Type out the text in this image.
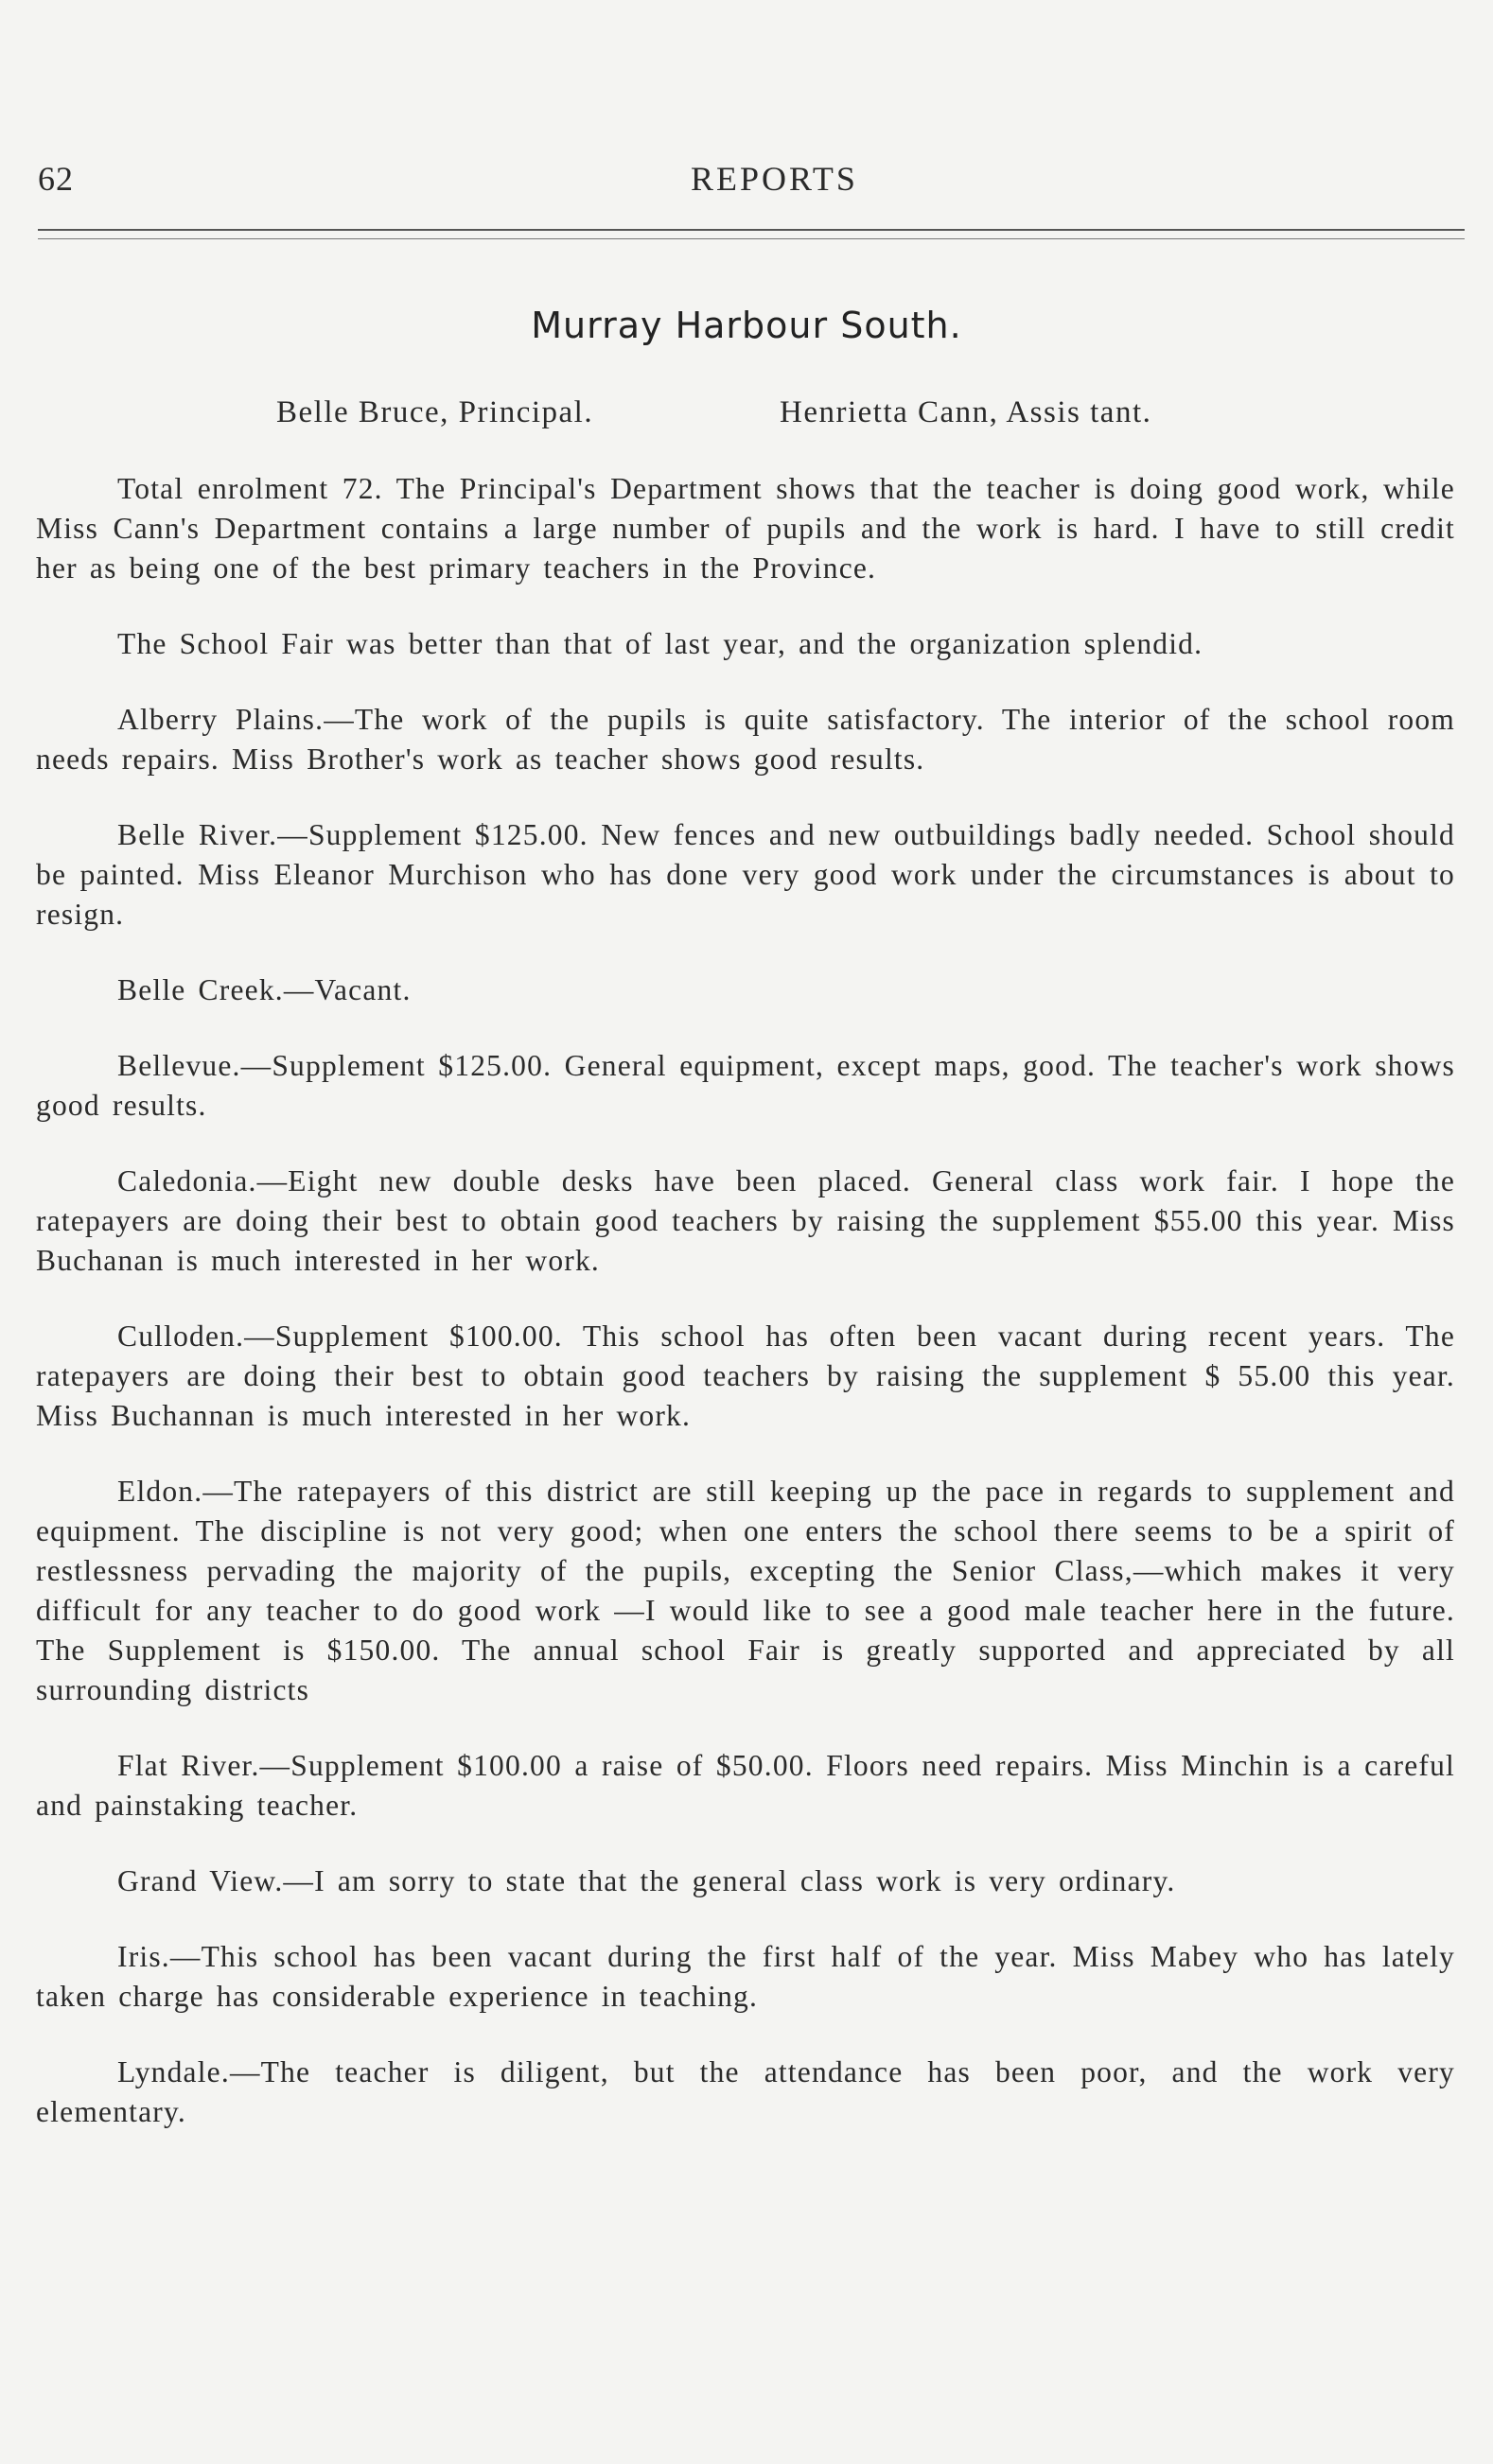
62	REPORTS
Murray Harbour South.
Belle Bruce, Principal.	Henrietta Cann, Assis tant.

Total enrolment 72. The Principal's Department shows that the teacher is doing good work, while Miss Cann's Department contains a large number of pupils and the work is hard. I have to still credit her as being one of the best primary teachers in the Province.

The School Fair was better than that of last year, and the organization splendid.

Alberry Plains.—The work of the pupils is quite satisfactory. The interior of the school room needs repairs. Miss Brother's work as teacher shows good results.

Belle River.—Supplement $125.00. New fences and new outbuildings badly needed. School should be painted. Miss Eleanor Murchison who has done very good work under the circumstances is about to resign.

Belle Creek.—Vacant.

Bellevue.—Supplement $125.00. General equipment, except maps, good. The teacher's work shows good results.

Caledonia.—Eight new double desks have been placed. General class work fair. I hope the ratepayers are doing their best to obtain good teachers by raising the supplement $55.00 this year. Miss Buchanan is much interested in her work.

Culloden.—Supplement $100.00. This school has often been vacant during recent years. The ratepayers are doing their best to obtain good teachers by raising the supplement $ 55.00 this year. Miss Buchannan is much interested in her work.

Eldon.—The ratepayers of this district are still keeping up the pace in regards to supplement and equipment. The discipline is not very good; when one enters the school there seems to be a spirit of restlessness pervading the majority of the pupils, excepting the Senior Class,—which makes it very difficult for any teacher to do good work —I would like to see a good male teacher here in the future. The Supplement is $150.00. The annual school Fair is greatly supported and appreciated by all surrounding districts

Flat River.—Supplement $100.00 a raise of $50.00. Floors need repairs. Miss Minchin is a careful and painstaking teacher.

Grand View.—I am sorry to state that the general class work is very ordinary.

Iris.—This school has been vacant during the first half of the year. Miss Mabey who has lately taken charge has considerable experience in teaching.

Lyndale.—The teacher is diligent, but the attendance has been poor, and the work very elementary.
